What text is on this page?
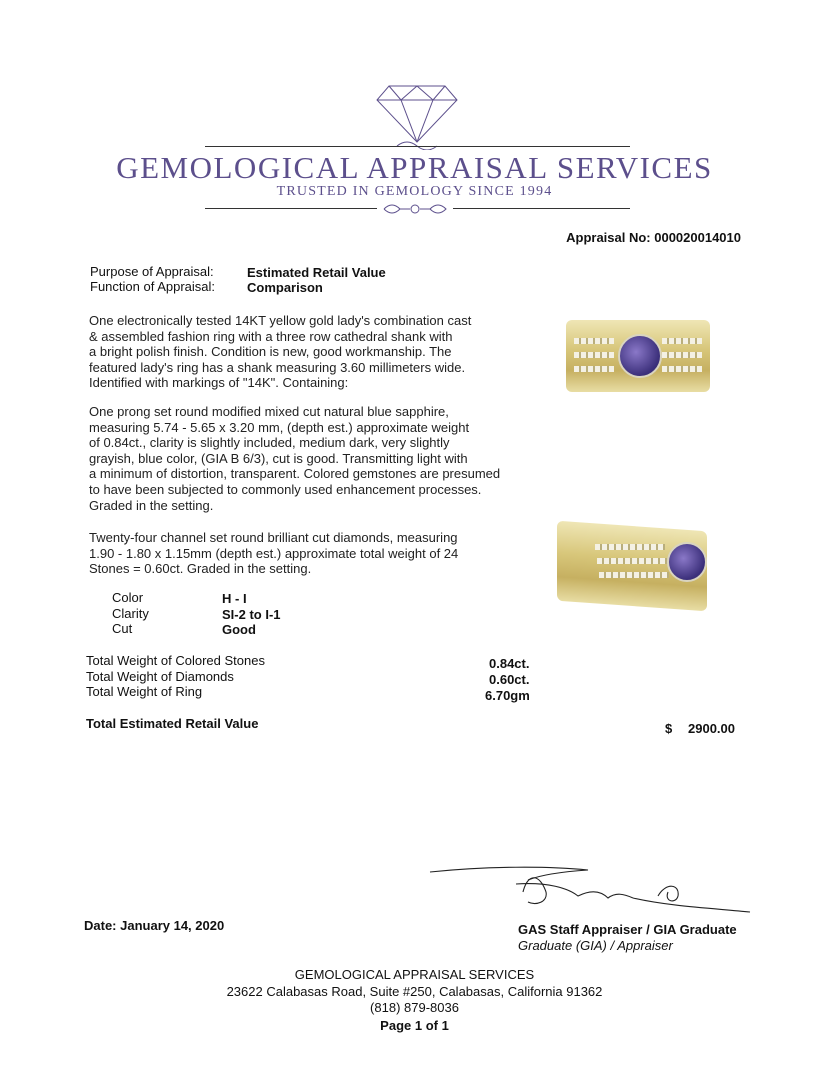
GEMOLOGICAL APPRAISAL SERVICES
TRUSTED IN GEMOLOGY SINCE 1994
Appraisal No: 000020014010
Purpose of Appraisal:	Estimated Retail Value
Function of Appraisal: Comparison
One electronically tested 14KT yellow gold lady's combination cast
& assembled fashion ring with a three row cathedral shank with
a bright polish finish. Condition is new, good workmanship. The
featured lady's ring has a shank measuring 3.60 millimeters wide.
Identified with markings of "14K". Containing:
One prong set round modified mixed cut natural blue sapphire,
measuring 5.74 - 5.65 x 3.20 mm, (depth est.) approximate weight
of 0.84ct., clarity is slightly included, medium dark, very slightly
grayish, blue color, (GIA B 6/3), cut is good. Transmitting light with
a minimum of distortion, transparent. Colored gemstones are presumed
to have been subjected to commonly used enhancement processes.
Graded in the setting.
Twenty-four channel set round brilliant cut diamonds, measuring
1.90 - 1.80 x 1.15mm (depth est.) approximate total weight of 24
Stones = 0.60ct. Graded in the setting.
Color	H - I
Clarity	SI-2 to I-1
Cut	Good
Total Weight of Colored Stones	0.84ct.
Total Weight of Diamonds	0.60ct.
Total Weight of Ring	6.70gm
Total Estimated Retail Value	$ 2900.00
Date: January 14, 2020	GAS Staff Appraiser / GIA Graduate
Graduate (GIA) / Appraiser
GEMOLOGICAL APPRAISAL SERVICES
23622 Calabasas Road, Suite #250, Calabasas, California 91362
(818) 879-8036
Page 1 of 1
